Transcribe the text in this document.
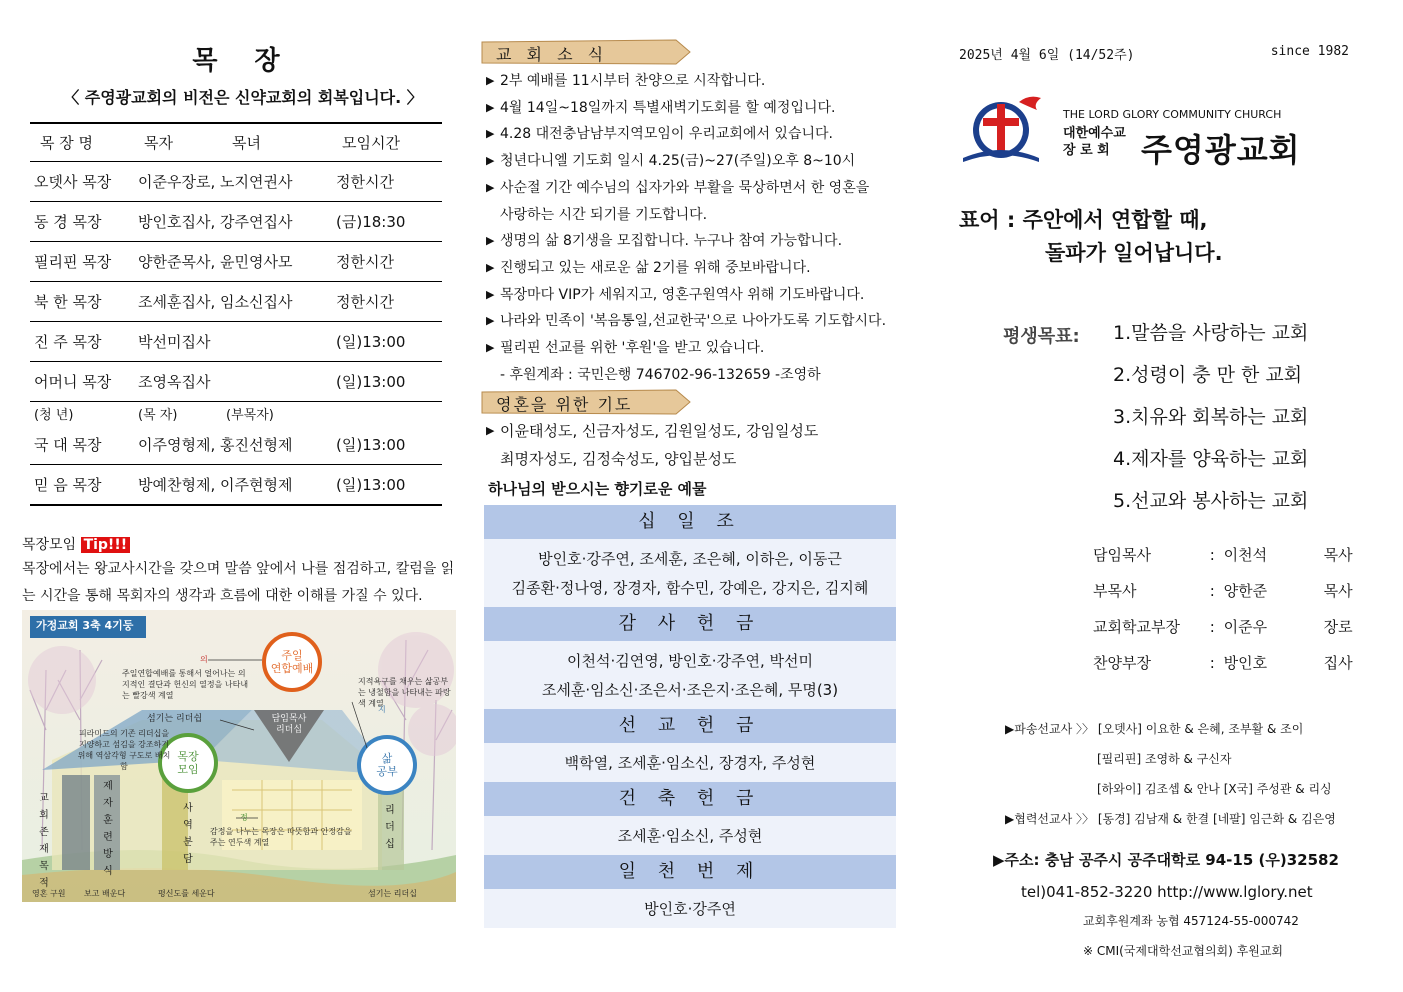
목 장
〈 주영광교회의 비전은 신약교회의 회복입니다. 〉
목 장 명	목자	목녀	모임시간
오뎃사 목장	이준우장로, 노지연권사		정한시간
동 경 목장	방인호집사, 강주연집사		(금)18:30
필리핀 목장	양한준목사, 윤민영사모		정한시간
북 한 목장	조세훈집사, 임소신집사		정한시간
진 주 목장	박선미집사		(일)13:00
어머니 목장	조영옥집사		(일)13:00
(청 년)	(목 자)	(부목자)	
국 대 목장	이주영형제, 홍진선형제		(일)13:00
믿 음 목장	방예찬형제, 이주현형제		(일)13:00
목장모임 Tip!!!
목장에서는 왕교사시간을 갖으며 말씀 앞에서 나를 점검하고, 칼럼을 읽는 시간을 통해 목회자의 생각과 흐름에 대한 이해를 가질 수 있다.
가정교회 3축 4기둥
주일
연합예배
목장
모임
삶
공부
담임목사 리더십
의
주일연합예배를 통해서 얼어나는 의지적인 결단과 헌신의 열정을 나타내는 빨강색 계열
섬기는 리더쉽
피라미드의 기존 리더십을 지양하고 섬김을 강조하기 위해 역삼각형 구도로 배치함
지적욕구를 채우는 삶공부는 냉철함을 나타내는 파랑색 계열
지
정
감정을 나누는 목장은 따뜻함과 안정감을 주는 연두색 계열
교
회
존
재
목
적
제
자
훈
련
방
식
사
역
분
담
리
더
십
영혼 구원 보고 배운다	평신도를 세운다	섬기는 리더십
교 회 소 식
▶ 2부 예배를 11시부터 찬양으로 시작합니다.
▶ 4월 14일~18일까지 특별새벽기도회를 할 예정입니다.
▶ 4.28 대전충남남부지역모임이 우리교회에서 있습니다.
▶ 청년다니엘 기도회 일시 4.25(금)~27(주일)오후 8~10시
▶ 사순절 기간 예수님의 십자가와 부활을 묵상하면서 한 영혼을
사랑하는 시간 되기를 기도합니다.
▶ 생명의 삶 8기생을 모집합니다. 누구나 참여 가능합니다.
▶ 진행되고 있는 새로운 삶 2기를 위해 중보바랍니다.
▶ 목장마다 VIP가 세워지고, 영혼구원역사 위해 기도바랍니다.
▶ 나라와 민족이 '복음통일,선교한국'으로 나아가도록 기도합시다.
▶ 필리핀 선교를 위한 '후원'을 받고 있습니다.
- 후원계좌 : 국민은행 746702-96-132659 -조영하
영혼을 위한 기도
▶ 이윤태성도, 신금자성도, 김원일성도, 강임일성도
최명자성도, 김정숙성도, 양입분성도
하나님의 받으시는 향기로운 예물
십 일 조
방인호·강주연, 조세훈, 조은혜, 이하은, 이동근
김종환·정나영, 장경자, 함수민, 강예은, 강지은, 김지혜
감 사 헌 금
이천석·김연영, 방인호·강주연, 박선미
조세훈·임소신·조은서·조은지·조은혜, 무명(3)
선 교 헌 금
백학열, 조세훈·임소신, 장경자, 주성현
건 축 헌 금
조세훈·임소신, 주성현
일 천 번 제
방인호·강주연
2025년 4월 6일 (14/52주)	since 1982
THE LORD GLORY COMMUNITY CHURCH
대한예수교
장 로 회 주영광교회
표어 : 주안에서 연합할 때,
돌파가 일어납니다.
평생목표: 1.말씀을 사랑하는 교회
2.성령이 충 만 한 교회
3.치유와 회복하는 교회
4.제자를 양육하는 교회
5.선교와 봉사하는 교회
담임목사	: 이천석	목사
부목사	: 양한준	목사
교회학교부장 : 이준우	장로
찬양부장	: 방인호	집사
▶파송선교사 〉〉 [오뎃사] 이요한 & 은혜, 조부활 & 조이
[필리핀] 조영하 & 구신자
[하와이] 김조셉 & 안나 [X국] 주성관 & 리싱
▶협력선교사 〉〉 [동경] 김남재 & 한결 [네팔] 임근화 & 김은영
▶주소: 충남 공주시 공주대학로 94-15 (우)32582
tel)041-852-3220 http://www.lglory.net
교회후원계좌 농협 457124-55-000742
※ CMI(국제대학선교협의회) 후원교회
